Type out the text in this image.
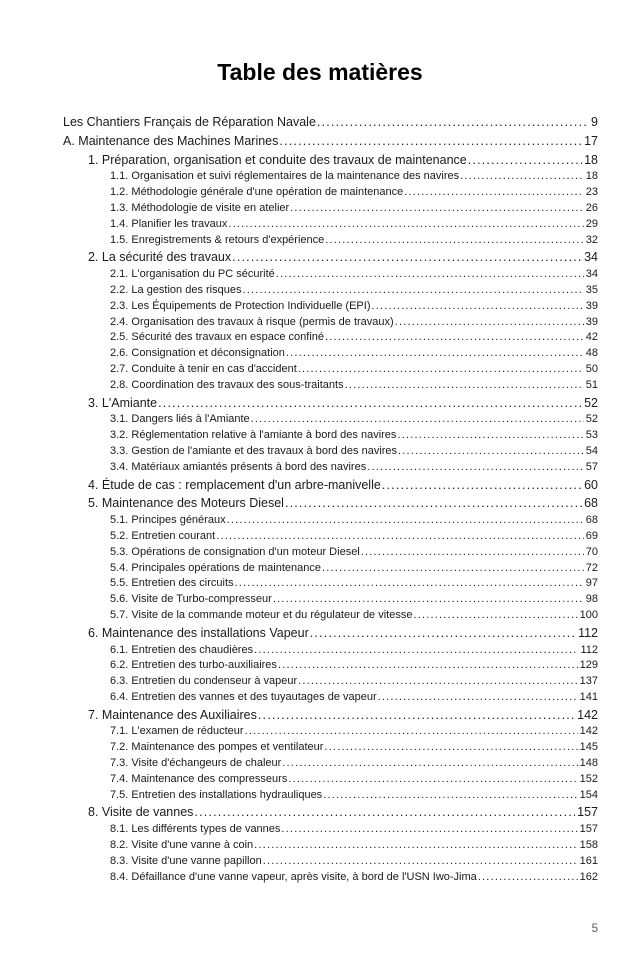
Table des matières
Les Chantiers Français de Réparation Navale .....	9
A. Maintenance des Machines Marines .....	17
1. Préparation, organisation et conduite des travaux de maintenance .....	18
1.1. Organisation et suivi réglementaires de la maintenance des navires .....	18
1.2. Méthodologie générale d'une opération de maintenance .....	23
1.3. Méthodologie de visite en atelier .....	26
1.4. Planifier les travaux .....	29
1.5. Enregistrements & retours d'expérience .....	32
2. La sécurité des travaux .....	34
2.1. L'organisation du PC sécurité .....	34
2.2. La gestion des risques .....	35
2.3. Les Équipements de Protection Individuelle (EPI) .....	39
2.4. Organisation des travaux à risque (permis de travaux) .....	39
2.5. Sécurité des travaux en espace confiné .....	42
2.6. Consignation et déconsignation .....	48
2.7. Conduite à tenir en cas d'accident .....	50
2.8. Coordination des travaux des sous-traitants .....	51
3. L'Amiante .....	52
3.1. Dangers liés à l'Amiante .....	52
3.2. Réglementation relative à l'amiante à bord des navires .....	53
3.3. Gestion de l'amiante et des travaux à bord des navires .....	54
3.4. Matériaux amiantés présents à bord des navires .....	57
4. Étude de cas : remplacement d'un arbre-manivelle .....	60
5. Maintenance des Moteurs Diesel .....	68
5.1. Principes généraux .....	68
5.2. Entretien courant .....	69
5.3. Opérations de consignation d'un moteur Diesel .....	70
5.4. Principales opérations de maintenance .....	72
5.5. Entretien des circuits .....	97
5.6. Visite de Turbo-compresseur .....	98
5.7. Visite de la commande moteur et du régulateur de vitesse .....	100
6. Maintenance des installations Vapeur .....	112
6.1. Entretien des chaudières .....	112
6.2. Entretien des turbo-auxiliaires .....	129
6.3. Entretien du condenseur à vapeur .....	137
6.4. Entretien des vannes et des tuyautages de vapeur .....	141
7. Maintenance des Auxiliaires .....	142
7.1. L'examen de réducteur .....	142
7.2. Maintenance des pompes et ventilateur .....	145
7.3. Visite d'échangeurs de chaleur .....	148
7.4. Maintenance des compresseurs .....	152
7.5. Entretien des installations hydrauliques .....	154
8. Visite de vannes .....	157
8.1. Les différents types de vannes .....	157
8.2. Visite d'une vanne à coin .....	158
8.3. Visite d'une vanne papillon .....	161
8.4. Défaillance d'une vanne vapeur, après visite, à bord de l'USN Iwo-Jima .....	162
5
